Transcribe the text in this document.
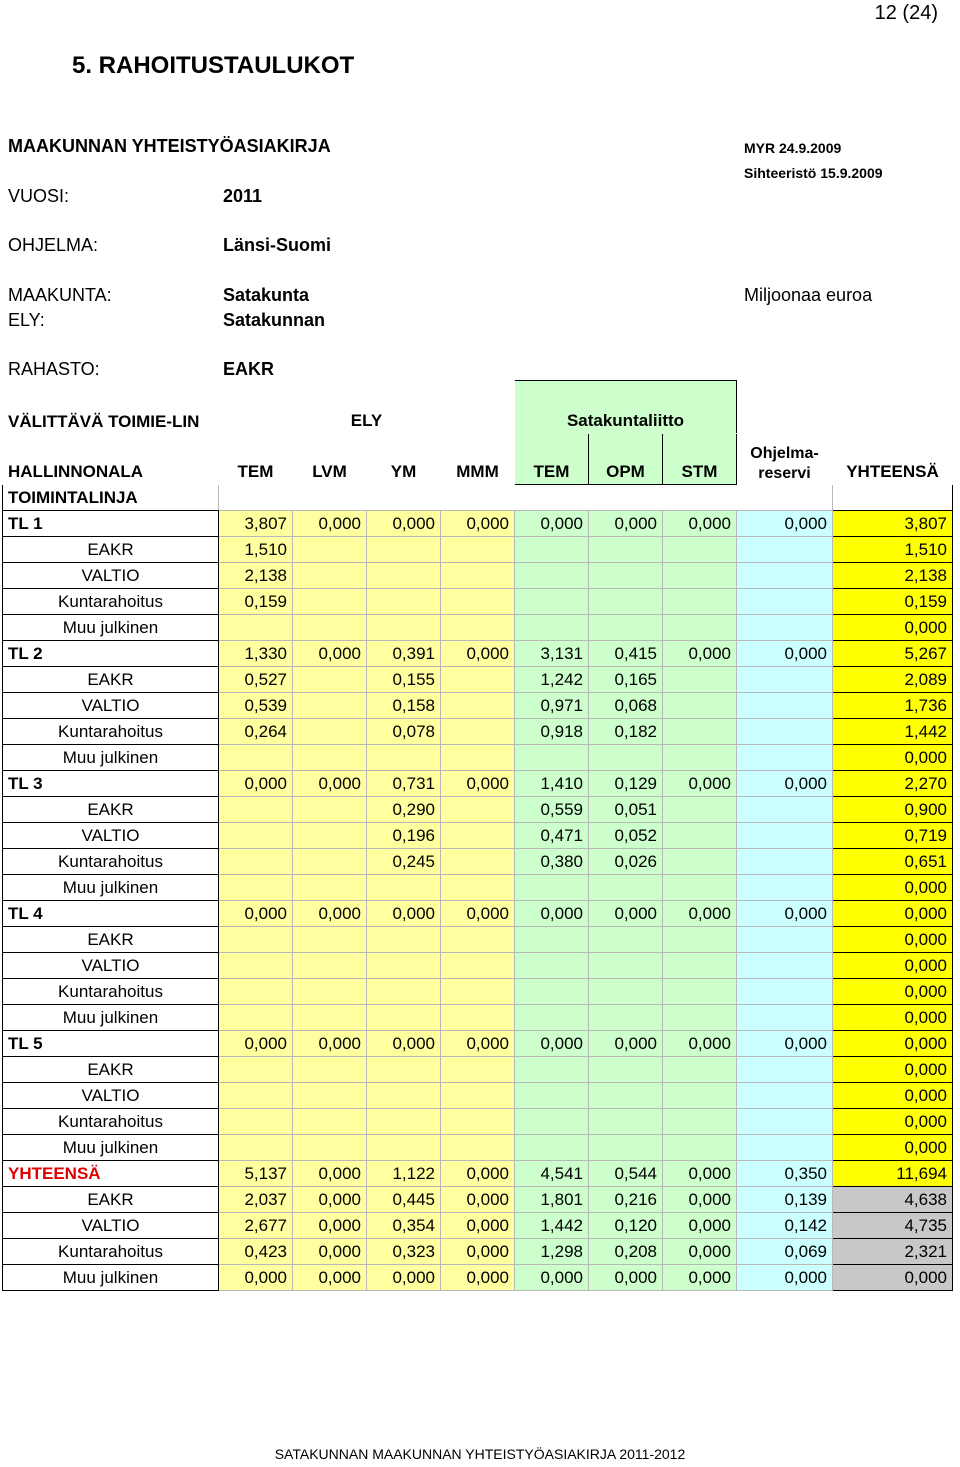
12 (24)
5. RAHOITUSTAULUKOT
MAAKUNNAN YHTEISTYÖASIAKIRJA	MYR 24.9.2009
Sihteeristö 15.9.2009
VUOSI:	2011
OHJELMA:	Länsi-Suomi
MAAKUNTA:	Satakunta	Miljoonaa euroa
ELY:	Satakunnan
RAHASTO:	EAKR
VÄLITTÄVÄ TOIMIE-LIN	ELY				Satakuntaliitto				
HALLINNONALA	TEM	LVM	YM	MMM	TEM	OPM	STM	Ohjelma-reservi	YHTEENSÄ
TOIMINTALINJA									
TL 1	3,807	0,000	0,000	0,000	0,000	0,000	0,000	0,000	3,807
EAKR	1,510								1,510
VALTIO	2,138								2,138
Kuntarahoitus	0,159								0,159
Muu julkinen									0,000
TL 2	1,330	0,000	0,391	0,000	3,131	0,415	0,000	0,000	5,267
EAKR	0,527		0,155		1,242	0,165			2,089
VALTIO	0,539		0,158		0,971	0,068			1,736
Kuntarahoitus	0,264		0,078		0,918	0,182			1,442
Muu julkinen									0,000
TL 3	0,000	0,000	0,731	0,000	1,410	0,129	0,000	0,000	2,270
EAKR			0,290		0,559	0,051			0,900
VALTIO			0,196		0,471	0,052			0,719
Kuntarahoitus			0,245		0,380	0,026			0,651
Muu julkinen									0,000
TL 4	0,000	0,000	0,000	0,000	0,000	0,000	0,000	0,000	0,000
EAKR									0,000
VALTIO									0,000
Kuntarahoitus									0,000
Muu julkinen									0,000
TL 5	0,000	0,000	0,000	0,000	0,000	0,000	0,000	0,000	0,000
EAKR									0,000
VALTIO									0,000
Kuntarahoitus									0,000
Muu julkinen									0,000
YHTEENSÄ	5,137	0,000	1,122	0,000	4,541	0,544	0,000	0,350	11,694
EAKR	2,037	0,000	0,445	0,000	1,801	0,216	0,000	0,139	4,638
VALTIO	2,677	0,000	0,354	0,000	1,442	0,120	0,000	0,142	4,735
Kuntarahoitus	0,423	0,000	0,323	0,000	1,298	0,208	0,000	0,069	2,321
Muu julkinen	0,000	0,000	0,000	0,000	0,000	0,000	0,000	0,000	0,000
SATAKUNNAN MAAKUNNAN YHTEISTYÖASIAKIRJA 2011-2012
